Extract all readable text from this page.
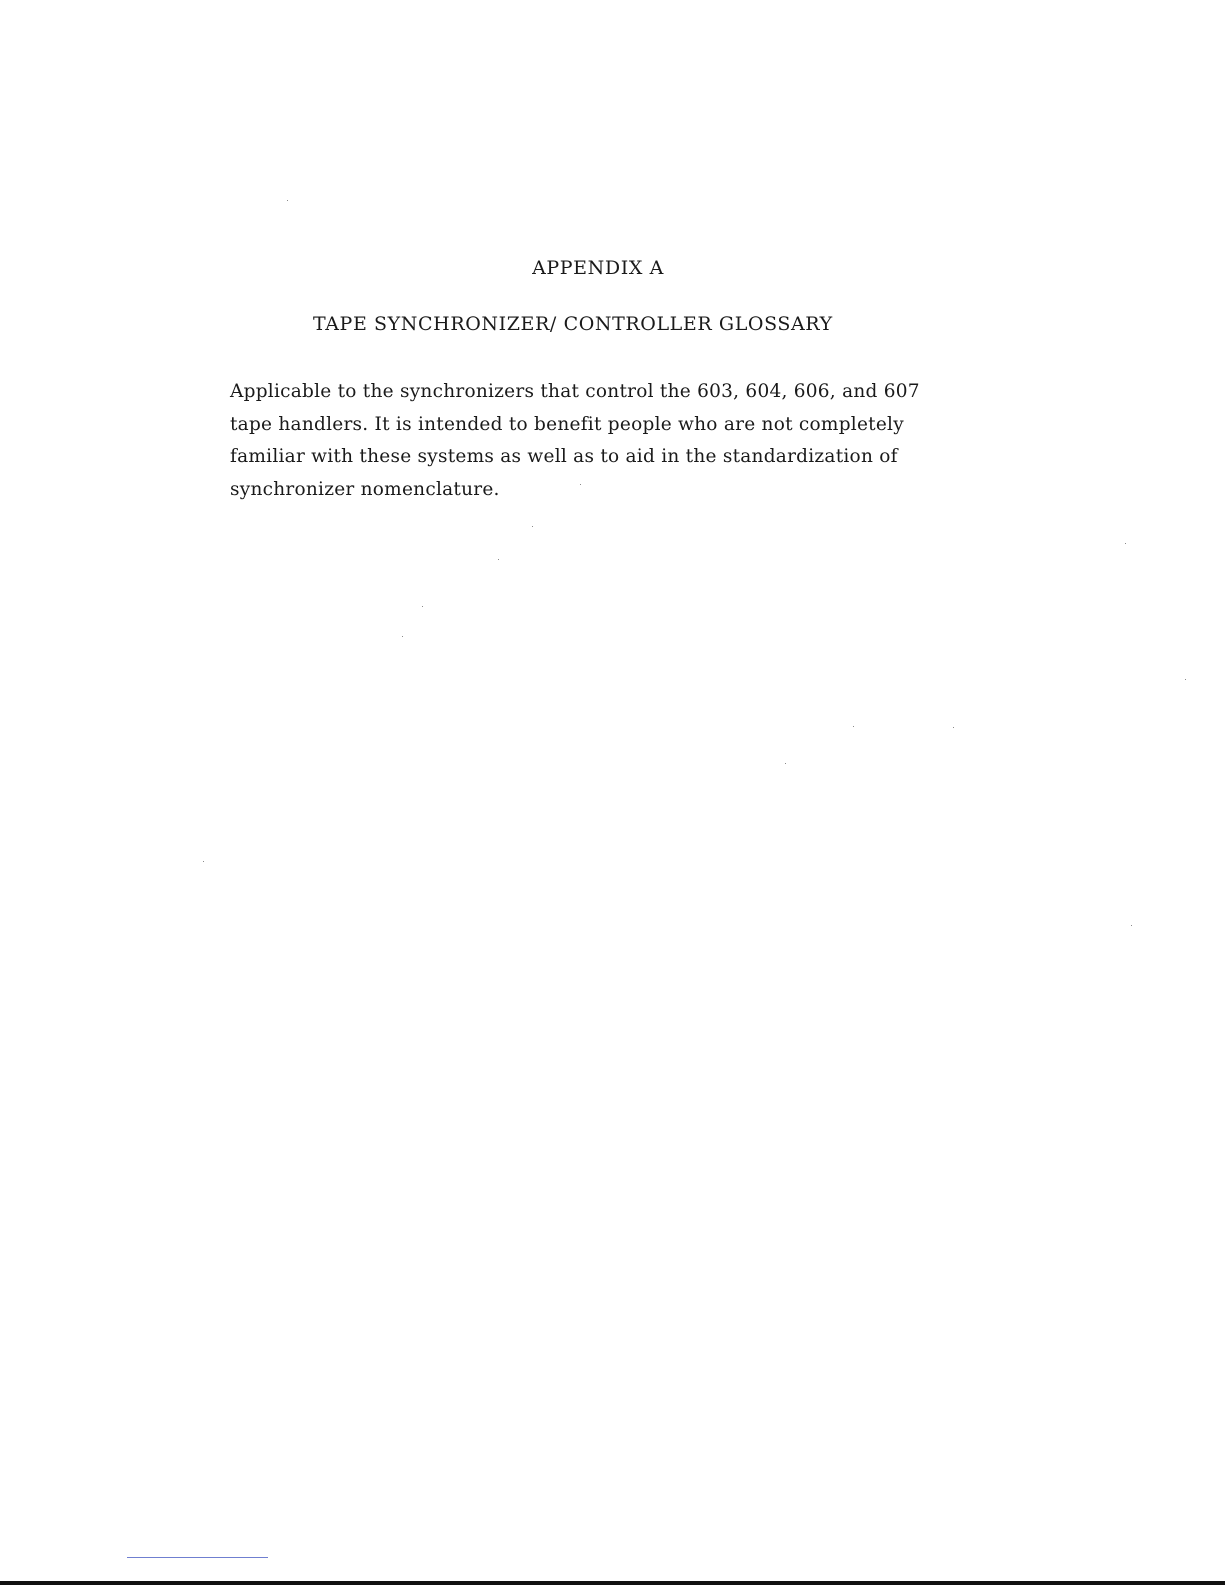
APPENDIX A
TAPE SYNCHRONIZER/ CONTROLLER GLOSSARY
Applicable to the synchronizers that control the 603, 604, 606, and 607
tape handlers. It is intended to benefit people who are not completely
familiar with these systems as well as to aid in the standardization of
synchronizer nomenclature.
